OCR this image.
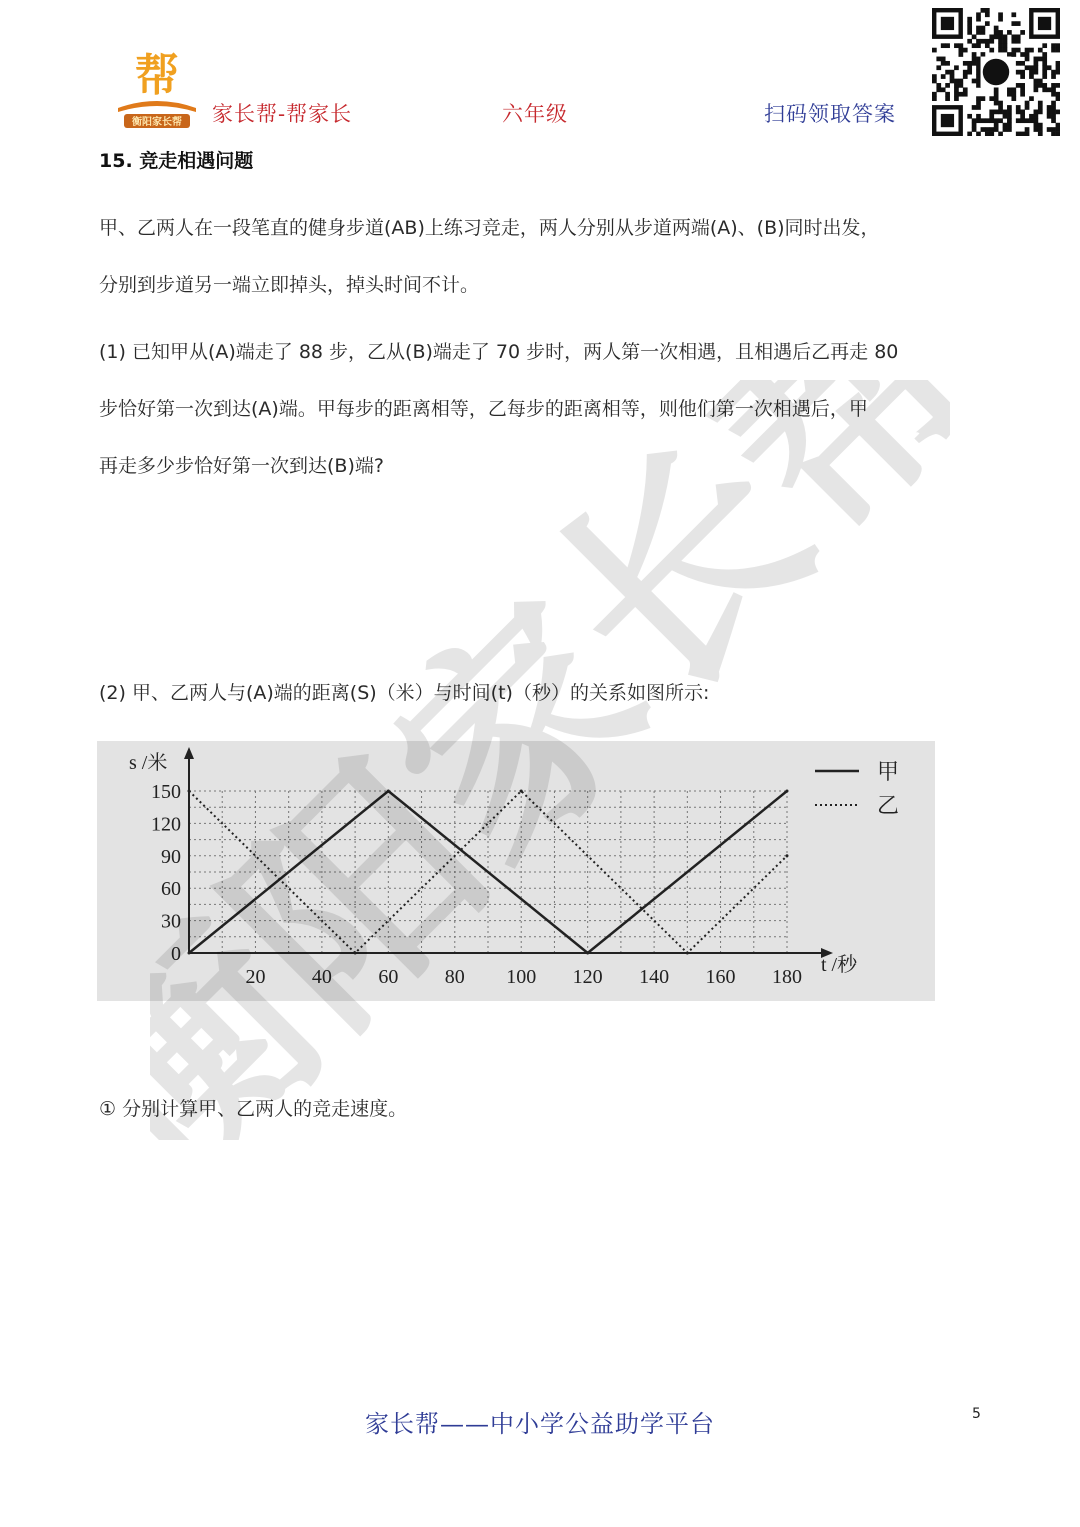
帮
衡阳家长帮 家长帮-帮家长	六年级	扫码领取答案
15. 竞走相遇问题
甲、乙两人在一段笔直的健身步道(AB)上练习竞走，两人分别从步道两端(A)、(B)同时出发，
分别到步道另一端立即掉头，掉头时间不计。
(1) 已知甲从(A)端走了 88 步，乙从(B)端走了 70 步时，两人第一次相遇，且相遇后乙再走 80
步恰好第一次到达(A)端。甲每步的距离相等，乙每步的距离相等，则他们第一次相遇后，甲
再走多少步恰好第一次到达(B)端?
(2) 甲、乙两人与(A)端的距离(S)（米）与时间(t)（秒）的关系如图所示:
0
30
60
90
120
150
20 40 60 80 100 120 140 160 180
s /米
t /秒
甲
乙
① 分别计算甲、乙两人的竞走速度。
家长帮——中小学公益助学平台	5
